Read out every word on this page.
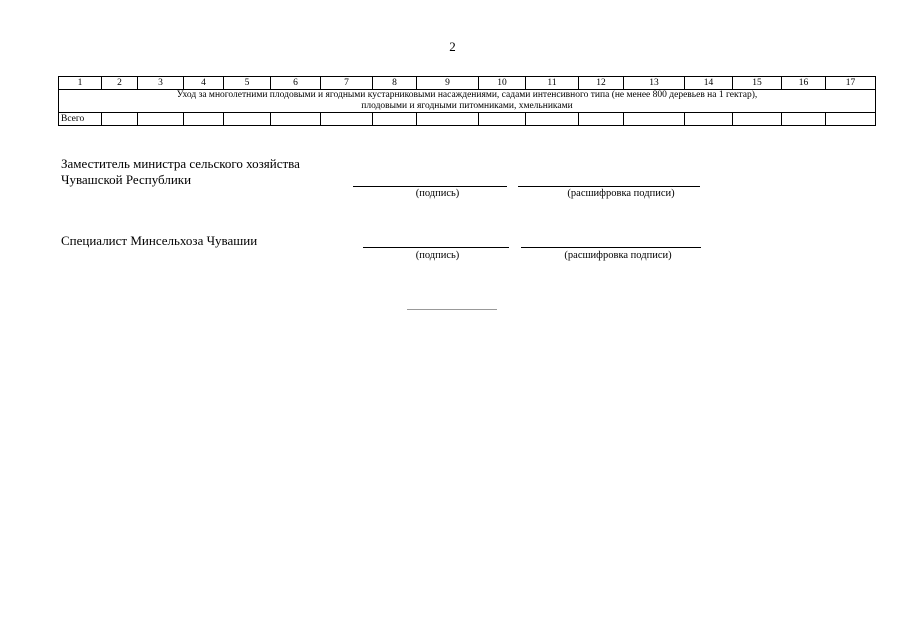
2
1	2	3	4	5	6	7	8	9	10	11	12	13	14	15	16	17

Уход за многолетними плодовыми и ягодными кустарниковыми насаждениями, садами интенсивного типа (не менее 800 деревьев на 1 гектар),
плодовыми и ягодными питомниками, хмельниками																

Всего																
Заместитель министра сельского хозяйства
Чувашской Республики
(подпись)	(расшифровка подписи)
Специалист Минсельхоза Чувашии
(подпись)	(расшифровка подписи)
